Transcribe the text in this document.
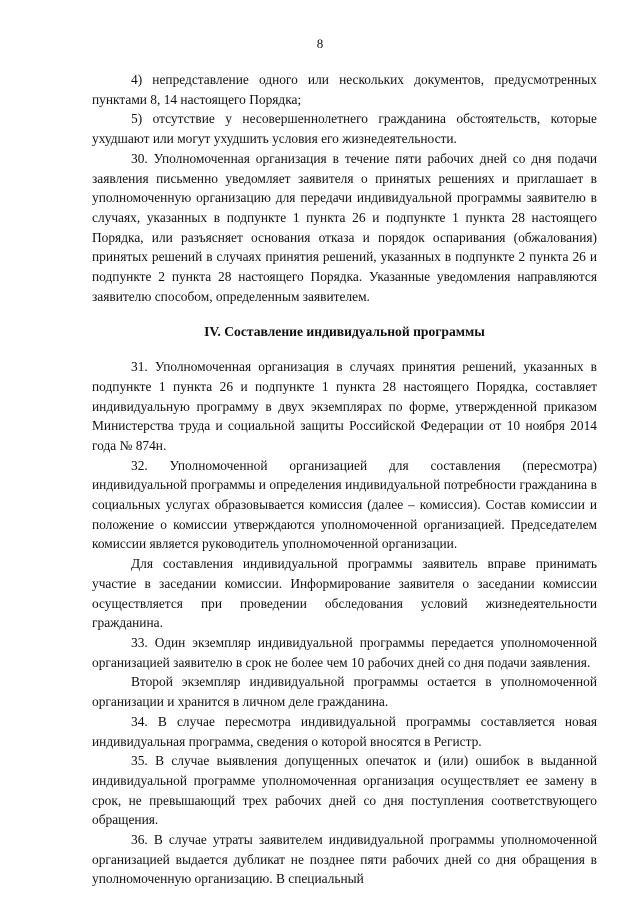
8

4) непредставление одного или нескольких документов, предусмотренных пунктами 8, 14 настоящего Порядка;

5) отсутствие у несовершеннолетнего гражданина обстоятельств, которые ухудшают или могут ухудшить условия его жизнедеятельности.

30. Уполномоченная организация в течение пяти рабочих дней со дня подачи заявления письменно уведомляет заявителя о принятых решениях и приглашает в уполномоченную организацию для передачи индивидуальной программы заявителю в случаях, указанных в подпункте 1 пункта 26 и подпункте 1 пункта 28 настоящего Порядка, или разъясняет основания отказа и порядок оспаривания (обжалования) принятых решений в случаях принятия решений, указанных в подпункте 2 пункта 26 и подпункте 2 пункта 28 настоящего Порядка. Указанные уведомления направляются заявителю способом, определенным заявителем.

IV. Составление индивидуальной программы

31. Уполномоченная организация в случаях принятия решений, указанных в подпункте 1 пункта 26 и подпункте 1 пункта 28 настоящего Порядка, составляет индивидуальную программу в двух экземплярах по форме, утвержденной приказом Министерства труда и социальной защиты Российской Федерации от 10 ноября 2014 года № 874н.

32. Уполномоченной организацией для составления (пересмотра) индивидуальной программы и определения индивидуальной потребности гражданина в социальных услугах образовывается комиссия (далее – комиссия). Состав комиссии и положение о комиссии утверждаются уполномоченной организацией. Председателем комиссии является руководитель уполномоченной организации.

Для составления индивидуальной программы заявитель вправе принимать участие в заседании комиссии. Информирование заявителя о заседании комиссии осуществляется при проведении обследования условий жизнедеятельности гражданина.

33. Один экземпляр индивидуальной программы передается уполномоченной организацией заявителю в срок не более чем 10 рабочих дней со дня подачи заявления.

Второй экземпляр индивидуальной программы остается в уполномоченной организации и хранится в личном деле гражданина.

34. В случае пересмотра индивидуальной программы составляется новая индивидуальная программа, сведения о которой вносятся в Регистр.

35. В случае выявления допущенных опечаток и (или) ошибок в выданной индивидуальной программе уполномоченная организация осуществляет ее замену в срок, не превышающий трех рабочих дней со дня поступления соответствующего обращения.

36. В случае утраты заявителем индивидуальной программы уполномоченной организацией выдается дубликат не позднее пяти рабочих дней со дня обращения в уполномоченную организацию. В специальный
